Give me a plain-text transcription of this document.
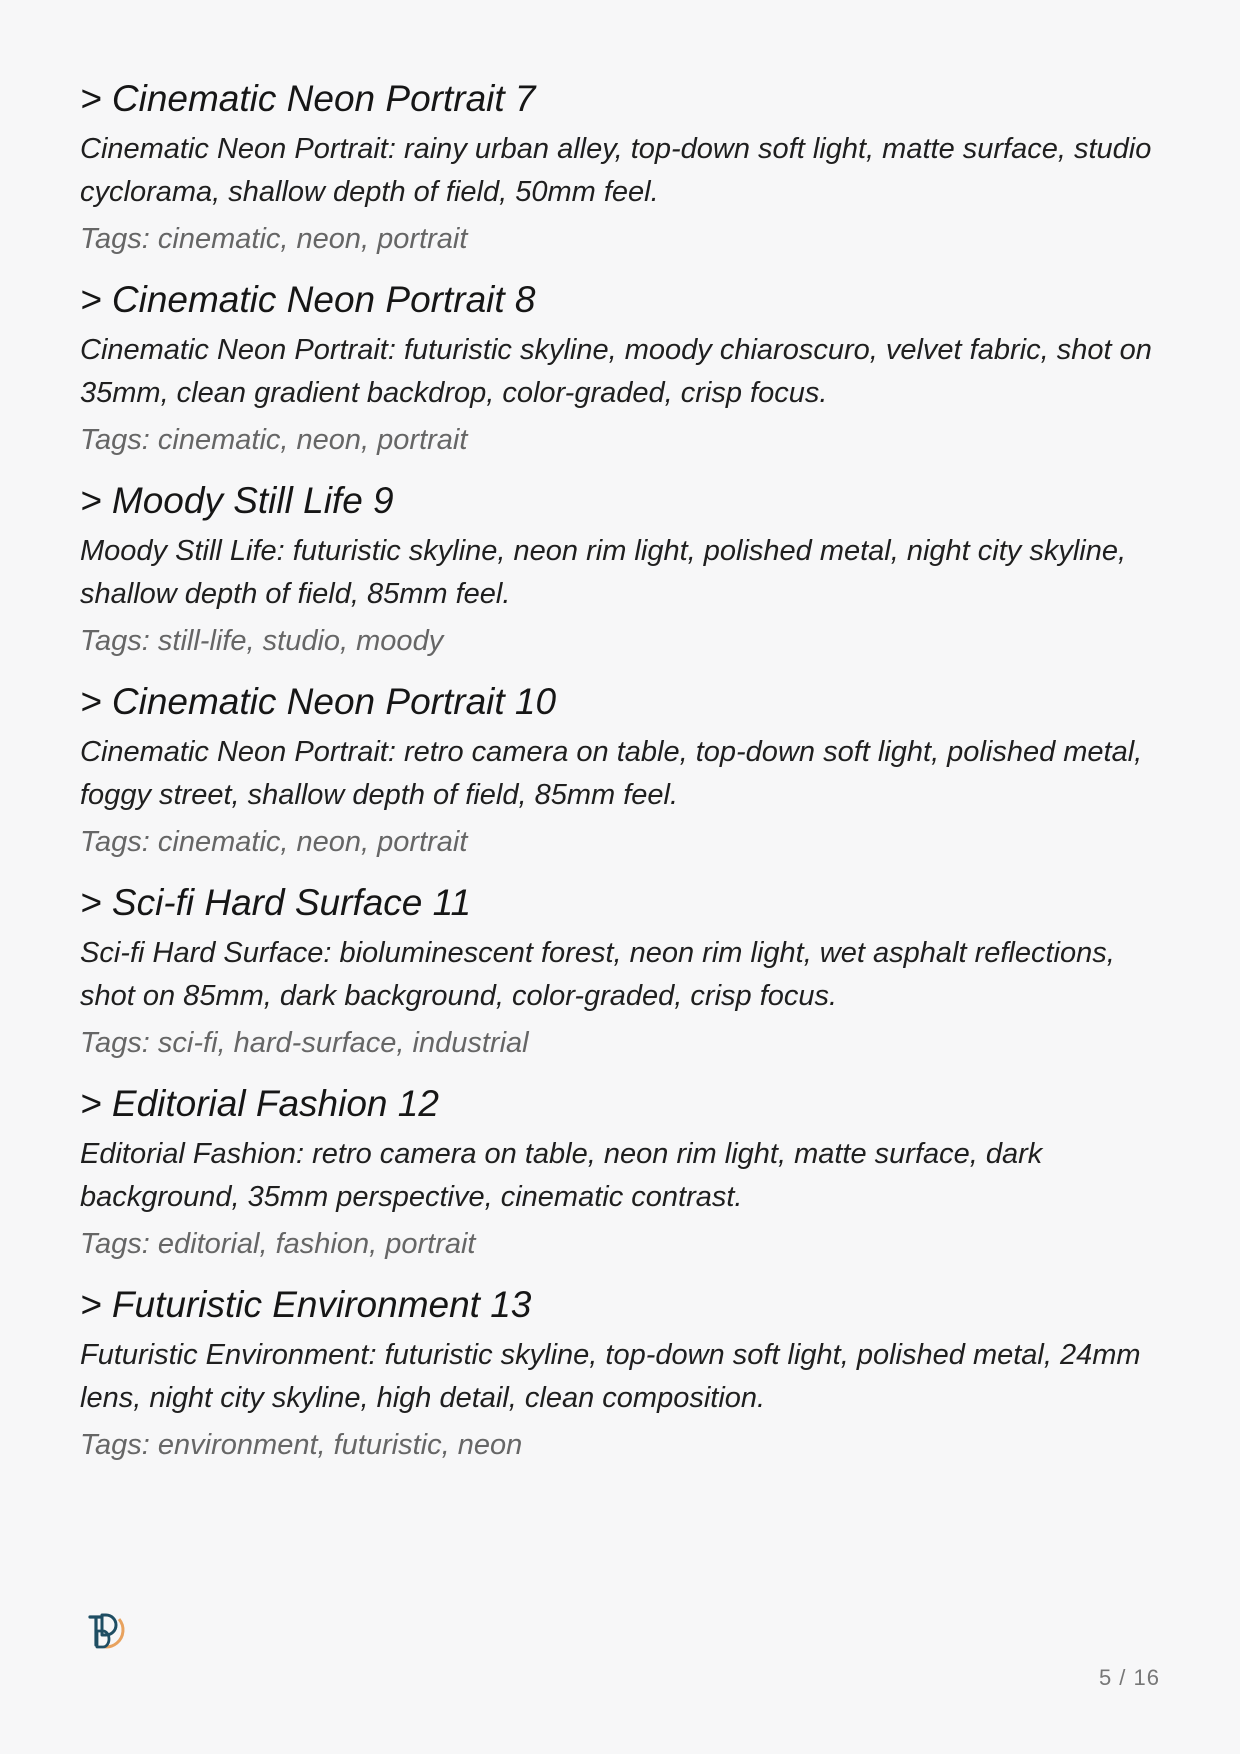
> Cinematic Neon Portrait 7

Cinematic Neon Portrait: rainy urban alley, top-down soft light, matte surface, studio cyclorama, shallow depth of field, 50mm feel.

Tags: cinematic, neon, portrait

> Cinematic Neon Portrait 8

Cinematic Neon Portrait: futuristic skyline, moody chiaroscuro, velvet fabric, shot on 35mm, clean gradient backdrop, color-graded, crisp focus.

Tags: cinematic, neon, portrait

> Moody Still Life 9

Moody Still Life: futuristic skyline, neon rim light, polished metal, night city skyline, shallow depth of field, 85mm feel.

Tags: still-life, studio, moody

> Cinematic Neon Portrait 10

Cinematic Neon Portrait: retro camera on table, top-down soft light, polished metal, foggy street, shallow depth of field, 85mm feel.

Tags: cinematic, neon, portrait

> Sci-fi Hard Surface 11

Sci-fi Hard Surface: bioluminescent forest, neon rim light, wet asphalt reflections, shot on 85mm, dark background, color-graded, crisp focus.

Tags: sci-fi, hard-surface, industrial

> Editorial Fashion 12

Editorial Fashion: retro camera on table, neon rim light, matte surface, dark background, 35mm perspective, cinematic contrast.

Tags: editorial, fashion, portrait

> Futuristic Environment 13

Futuristic Environment: futuristic skyline, top-down soft light, polished metal, 24mm lens, night city skyline, high detail, clean composition.

Tags: environment, futuristic, neon

5 / 16
